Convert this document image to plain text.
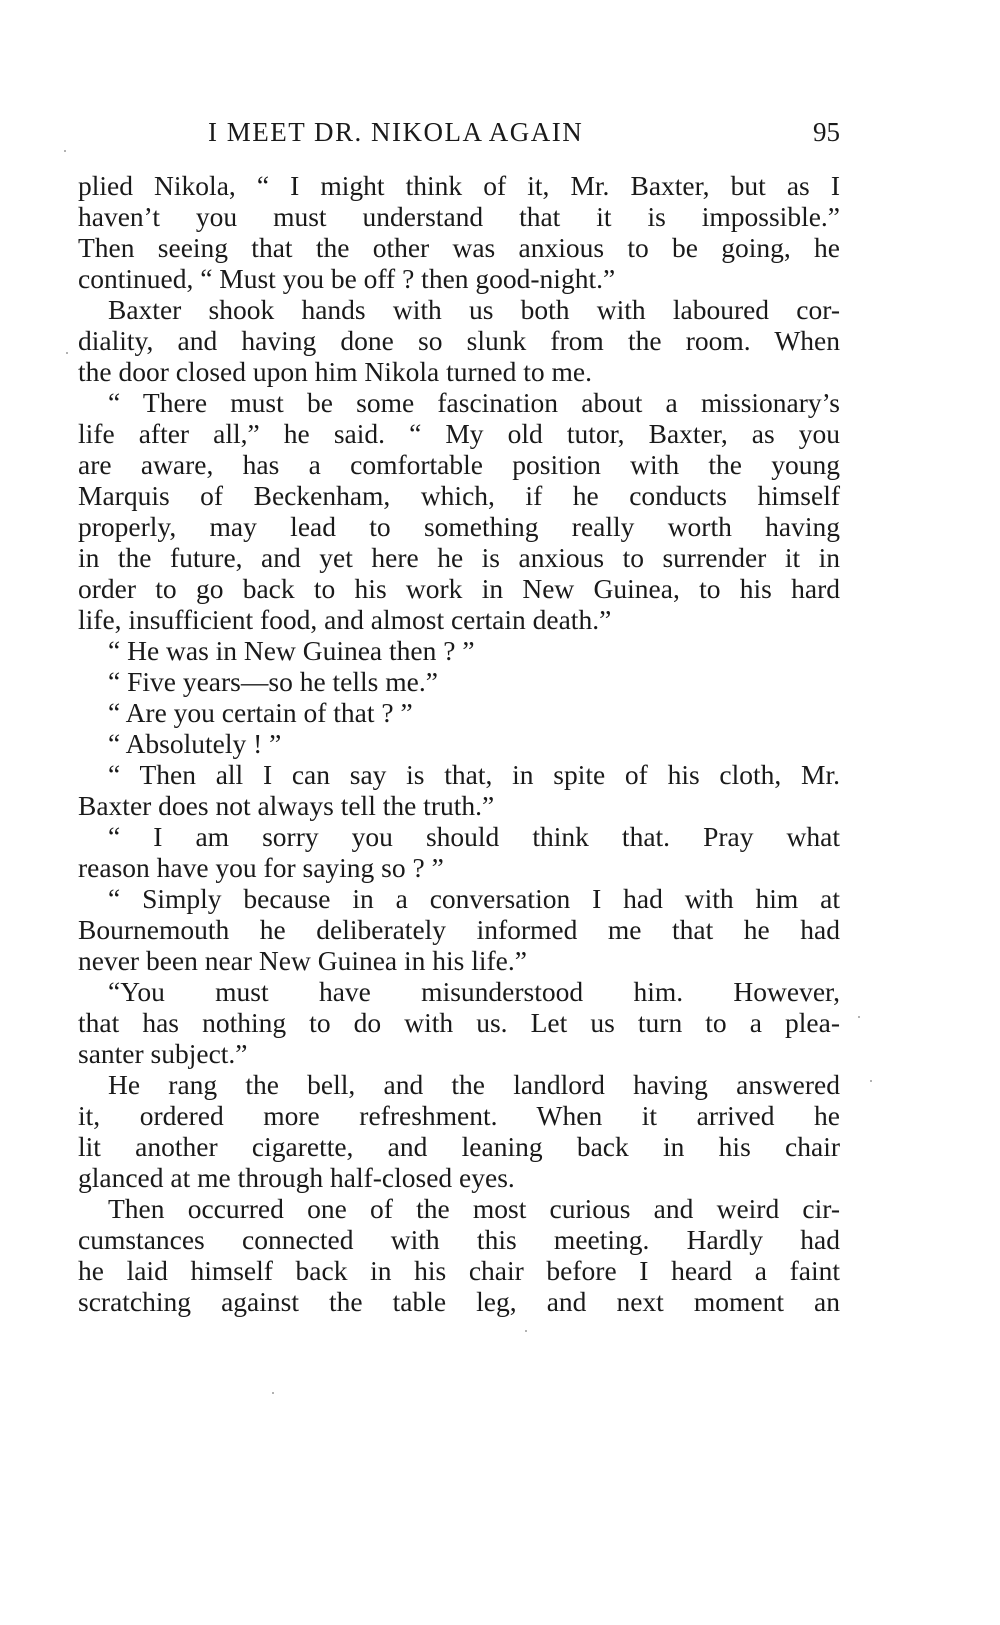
I MEET DR. NIKOLA AGAIN	95
plied Nikola, “ I might think of it, Mr. Baxter, but as I
haven’t you must understand that it is impossible.”
Then seeing that the other was anxious to be going, he
continued, “ Must you be off ? then good-night.”
Baxter shook hands with us both with laboured cor-
diality, and having done so slunk from the room. When
the door closed upon him Nikola turned to me.
“ There must be some fascination about a missionary’s
life after all,” he said. “ My old tutor, Baxter, as you
are aware, has a comfortable position with the young
Marquis of Beckenham, which, if he conducts himself
properly, may lead to something really worth having
in the future, and yet here he is anxious to surrender it in
order to go back to his work in New Guinea, to his hard
life, insufficient food, and almost certain death.”
“ He was in New Guinea then ? ”
“ Five years—so he tells me.”
“ Are you certain of that ? ”
“ Absolutely ! ”
“ Then all I can say is that, in spite of his cloth, Mr.
Baxter does not always tell the truth.”
“ I am sorry you should think that. Pray what
reason have you for saying so ? ”
“ Simply because in a conversation I had with him at
Bournemouth he deliberately informed me that he had
never been near New Guinea in his life.”
“You must have misunderstood him. However,
that has nothing to do with us. Let us turn to a plea-
santer subject.”
He rang the bell, and the landlord having answered
it, ordered more refreshment. When it arrived he
lit another cigarette, and leaning back in his chair
glanced at me through half-closed eyes.
Then occurred one of the most curious and weird cir-
cumstances connected with this meeting. Hardly had
he laid himself back in his chair before I heard a faint
scratching against the table leg, and next moment an
